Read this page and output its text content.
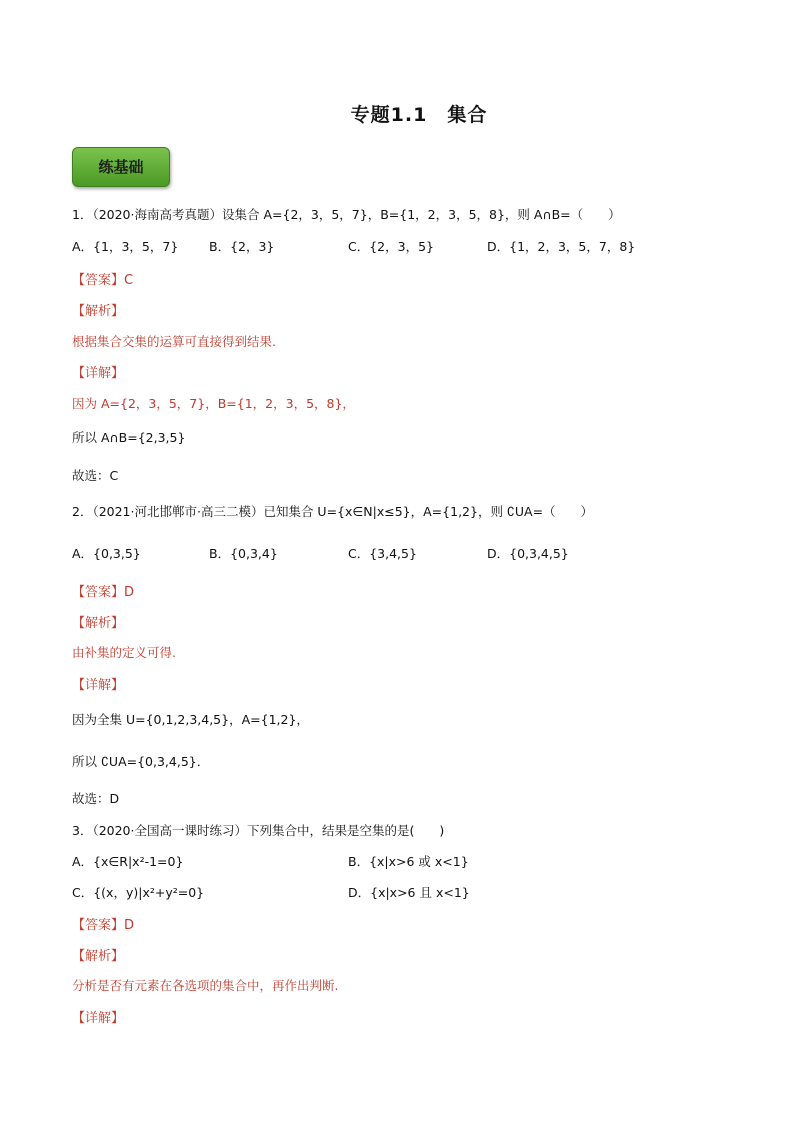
专题1.1　集合
练基础
1．（2020·海南高考真题）设集合 A={2，3，5，7}，B={1，2，3，5，8}，则 A∩B=（　　）
A．{1，3，5，7} B．{2，3}	C．{2，3，5}	D．{1，2，3，5，7，8}
【答案】C
【解析】
根据集合交集的运算可直接得到结果.
【详解】
因为 A={2，3，5，7}，B={1，2，3，5，8}，
所以 A∩B={2,3,5}
故选：C
2．（2021·河北邯郸市·高三二模）已知集合 U={x∈N|x≤5}，A={1,2}，则 ∁UA=（　　）
A．{0,3,5}	B．{0,3,4}	C．{3,4,5}	D．{0,3,4,5}
【答案】D
【解析】
由补集的定义可得.
【详解】
因为全集 U={0,1,2,3,4,5}，A={1,2}，
所以 ∁UA={0,3,4,5}．
故选：D
3．（2020·全国高一课时练习）下列集合中，结果是空集的是(　　)
A．{x∈R|x²-1=0}	B．{x|x>6 或 x<1}
C．{(x，y)|x²+y²=0}	D．{x|x>6 且 x<1}
【答案】D
【解析】
分析是否有元素在各选项的集合中，再作出判断.
【详解】
